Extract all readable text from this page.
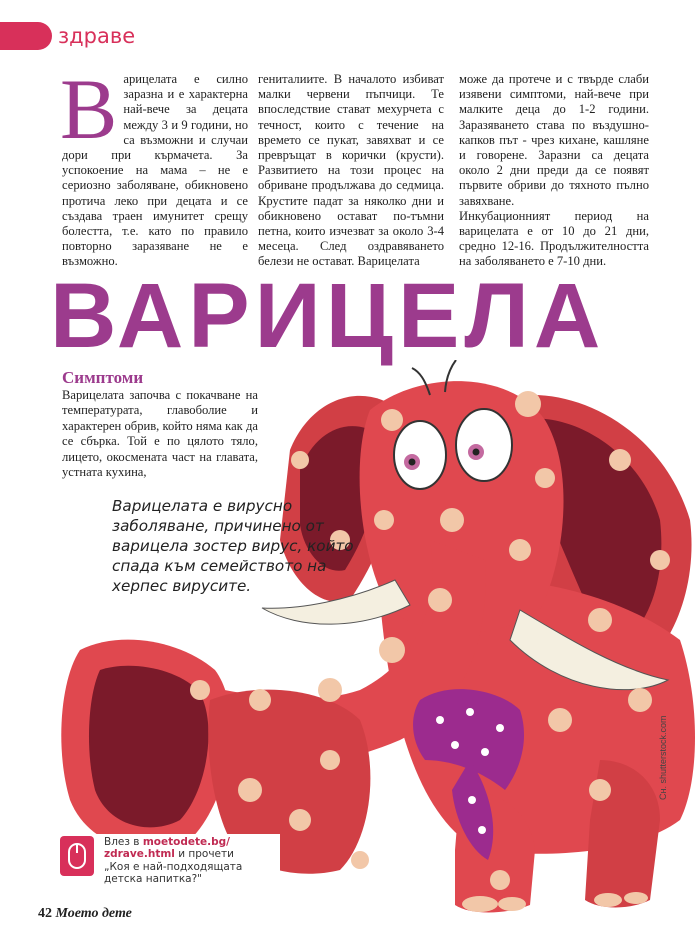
здраве
Варицелата е силно заразна и е характерна най-вече за децата между 3 и 9 години, но са възможни и случаи дори при кърмачета. За успокоение на мама – не е сериозно заболяване, обикновено протича леко при децата и се създава траен имунитет срещу болестта, т.е. като по правило повторно заразяване не е възможно.
гениталиите. В началото избиват малки червени пъпчици. Те впоследствие стават мехурчета с течност, които с течение на времето се пукат, завяхват и се превръщат в корички (крусти). Развитието на този процес на обриване продължава до седмица. Крустите падат за няколко дни и обикновено остават по-тъмни петна, които изчезват за около 3-4 месеца. След оздравяването белези не остават. Варицелата
може да протече и с твърде слаби изявени симптоми, най-вече при малките деца до 1-2 години. Заразяването става по въздушно-капков път - чрез кихане, кашляне и говорене. Заразни са децата около 2 дни преди да се появят първите обриви до тяхното пълно завяхване.
Инкубационният период на варицелата е от 10 до 21 дни, средно 12-16. Продължителността на заболяването е 7-10 дни.
ВАРИЦЕЛА
Симптоми
Варицелата започва с покачване на температурата, главоболие и характерен обрив, който няма как да се сбърка. Той е по цялото тяло, лицето, окосмената част на главата, устната кухина,
Варицелата е вирусно заболяване, причинено от варицела зостер вирус, който спада към семейството на херпес вирусите.
Сн. shutterstock.com
Влез в moetodete.bg/ zdrave.html и прочети
„Коя е най-подходящата детска напитка?"
42 Моето дете
